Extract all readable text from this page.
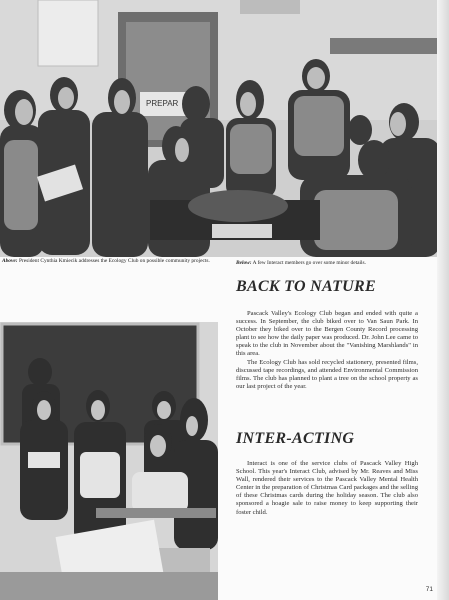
PREPAR
Above: President Cynthia Kmiecik addresses the Ecology Club on possible community projects.	Below: A few Interact members go over some minor details.
BACK TO NATURE

Pascack Valley's Ecology Club began and ended with quite a success. In September, the club biked over to Van Saun Park. In October they biked over to the Bergen County Record processing plant to see how the daily paper was produced. Dr. John Lee came to speak to the club in November about the "Vanishing Marshlands" in this area.

The Ecology Club has sold recycled stationery, presented films, discussed tape recordings, and attended Environmental Commission films. The club has planned to plant a tree on the school property as our last project of the year.

INTER-ACTING

Interact is one of the service clubs of Pascack Valley High School. This year's Interact Club, advised by Mr. Reaves and Miss Wall, rendered their services to the Pascack Valley Mental Health Center in the preparation of Christmas Card packages and the selling of these Christmas cards during the holiday season. The club also sponsored a hoagie sale to raise money to keep supporting their foster child.

71
